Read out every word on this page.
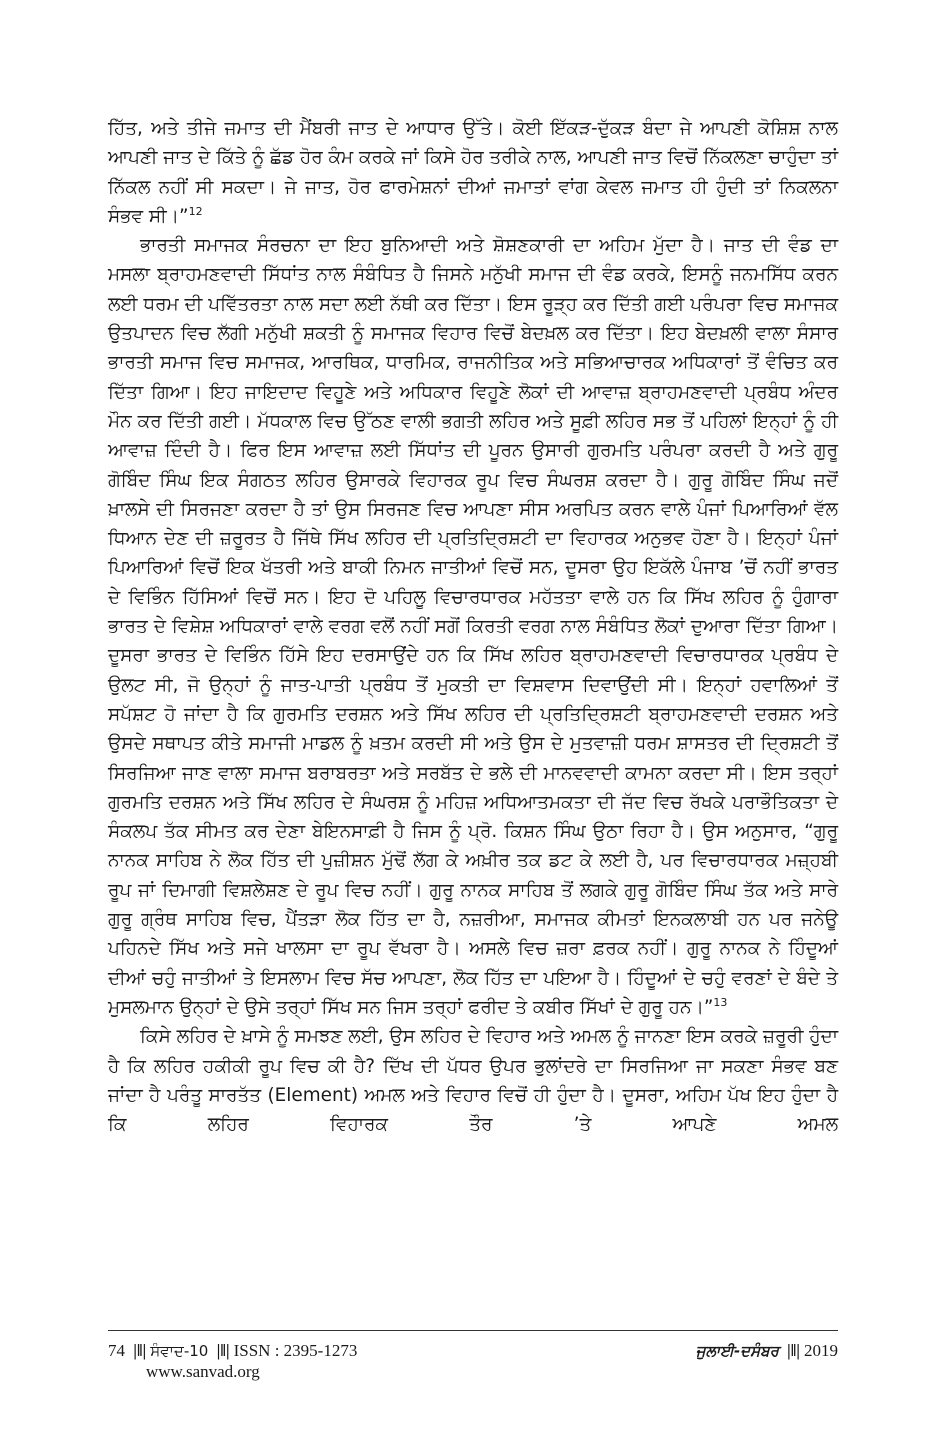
ਹਿੱਤ, ਅਤੇ ਤੀਜੇ ਜਮਾਤ ਦੀ ਮੈਂਬਰੀ ਜਾਤ ਦੇ ਆਧਾਰ ਉੱਤੇ। ਕੋਈ ਇੱਕੜ-ਦੁੱਕੜ ਬੰਦਾ ਜੇ ਆਪਣੀ ਕੋਸ਼ਿਸ਼ ਨਾਲ ਆਪਣੀ ਜਾਤ ਦੇ ਕਿੱਤੇ ਨੂੰ ਛੱਡ ਹੋਰ ਕੰਮ ਕਰਕੇ ਜਾਂ ਕਿਸੇ ਹੋਰ ਤਰੀਕੇ ਨਾਲ, ਆਪਣੀ ਜਾਤ ਵਿਚੋਂ ਨਿੱਕਲਣਾ ਚਾਹੁੰਦਾ ਤਾਂ ਨਿੱਕਲ ਨਹੀਂ ਸੀ ਸਕਦਾ। ਜੇ ਜਾਤ, ਹੋਰ ਫਾਰਮੇਸ਼ਨਾਂ ਦੀਆਂ ਜਮਾਤਾਂ ਵਾਂਗ ਕੇਵਲ ਜਮਾਤ ਹੀ ਹੁੰਦੀ ਤਾਂ ਨਿਕਲਨਾ ਸੰਭਵ ਸੀ।”$^{12}$

ਭਾਰਤੀ ਸਮਾਜਕ ਸੰਰਚਨਾ ਦਾ ਇਹ ਬੁਨਿਆਦੀ ਅਤੇ ਸ਼ੋਸ਼ਣਕਾਰੀ ਦਾ ਅਹਿਮ ਮੁੱਦਾ ਹੈ। ਜਾਤ ਦੀ ਵੰਡ ਦਾ ਮਸਲਾ ਬ੍ਰਾਹਮਣਵਾਦੀ ਸਿੱਧਾਂਤ ਨਾਲ ਸੰਬੰਧਿਤ ਹੈ ਜਿਸਨੇ ਮਨੁੱਖੀ ਸਮਾਜ ਦੀ ਵੰਡ ਕਰਕੇ, ਇਸਨੂੰ ਜਨਮਸਿੱਧ ਕਰਨ ਲਈ ਧਰਮ ਦੀ ਪਵਿੱਤਰਤਾ ਨਾਲ ਸਦਾ ਲਈ ਨੱਥੀ ਕਰ ਦਿੱਤਾ। ਇਸ ਰੂੜ੍ਹ ਕਰ ਦਿੱਤੀ ਗਈ ਪਰੰਪਰਾ ਵਿਚ ਸਮਾਜਕ ਉਤਪਾਦਨ ਵਿਚ ਲੱਗੀ ਮਨੁੱਖੀ ਸ਼ਕਤੀ ਨੂੰ ਸਮਾਜਕ ਵਿਹਾਰ ਵਿਚੋਂ ਬੇਦਖ਼ਲ ਕਰ ਦਿੱਤਾ। ਇਹ ਬੇਦਖ਼ਲੀ ਵਾਲਾ ਸੰਸਾਰ ਭਾਰਤੀ ਸਮਾਜ ਵਿਚ ਸਮਾਜਕ, ਆਰਥਿਕ, ਧਾਰਮਿਕ, ਰਾਜਨੀਤਿਕ ਅਤੇ ਸਭਿਆਚਾਰਕ ਅਧਿਕਾਰਾਂ ਤੋਂ ਵੰਚਿਤ ਕਰ ਦਿੱਤਾ ਗਿਆ। ਇਹ ਜਾਇਦਾਦ ਵਿਹੂਣੇ ਅਤੇ ਅਧਿਕਾਰ ਵਿਹੂਣੇ ਲੋਕਾਂ ਦੀ ਆਵਾਜ਼ ਬ੍ਰਾਹਮਣਵਾਦੀ ਪ੍ਰਬੰਧ ਅੰਦਰ ਮੌਨ ਕਰ ਦਿੱਤੀ ਗਈ। ਮੱਧਕਾਲ ਵਿਚ ਉੱਠਣ ਵਾਲੀ ਭਗਤੀ ਲਹਿਰ ਅਤੇ ਸੂਫ਼ੀ ਲਹਿਰ ਸਭ ਤੋਂ ਪਹਿਲਾਂ ਇਨ੍ਹਾਂ ਨੂੰ ਹੀ ਆਵਾਜ਼ ਦਿੰਦੀ ਹੈ। ਫਿਰ ਇਸ ਆਵਾਜ਼ ਲਈ ਸਿੱਧਾਂਤ ਦੀ ਪੂਰਨ ਉਸਾਰੀ ਗੁਰਮਤਿ ਪਰੰਪਰਾ ਕਰਦੀ ਹੈ ਅਤੇ ਗੁਰੂ ਗੋਬਿੰਦ ਸਿੰਘ ਇਕ ਸੰਗਠਤ ਲਹਿਰ ਉਸਾਰਕੇ ਵਿਹਾਰਕ ਰੂਪ ਵਿਚ ਸੰਘਰਸ਼ ਕਰਦਾ ਹੈ। ਗੁਰੂ ਗੋਬਿੰਦ ਸਿੰਘ ਜਦੋਂ ਖ਼ਾਲਸੇ ਦੀ ਸਿਰਜਣਾ ਕਰਦਾ ਹੈ ਤਾਂ ਉਸ ਸਿਰਜਣ ਵਿਚ ਆਪਣਾ ਸੀਸ ਅਰਪਿਤ ਕਰਨ ਵਾਲੇ ਪੰਜਾਂ ਪਿਆਰਿਆਂ ਵੱਲ ਧਿਆਨ ਦੇਣ ਦੀ ਜ਼ਰੂਰਤ ਹੈ ਜਿੱਥੇ ਸਿੱਖ ਲਹਿਰ ਦੀ ਪ੍ਰਤਿਦ੍ਰਿਸ਼ਟੀ ਦਾ ਵਿਹਾਰਕ ਅਨੁਭਵ ਹੋਣਾ ਹੈ। ਇਨ੍ਹਾਂ ਪੰਜਾਂ ਪਿਆਰਿਆਂ ਵਿਚੋਂ ਇਕ ਖੱਤਰੀ ਅਤੇ ਬਾਕੀ ਨਿਮਨ ਜਾਤੀਆਂ ਵਿਚੋਂ ਸਨ, ਦੂਸਰਾ ਉਹ ਇਕੱਲੇ ਪੰਜਾਬ ’ਚੋਂ ਨਹੀਂ ਭਾਰਤ ਦੇ ਵਿਭਿੰਨ ਹਿੱਸਿਆਂ ਵਿਚੋਂ ਸਨ। ਇਹ ਦੋ ਪਹਿਲੂ ਵਿਚਾਰਧਾਰਕ ਮਹੱਤਤਾ ਵਾਲੇ ਹਨ ਕਿ ਸਿੱਖ ਲਹਿਰ ਨੂੰ ਹੁੰਗਾਰਾ ਭਾਰਤ ਦੇ ਵਿਸ਼ੇਸ਼ ਅਧਿਕਾਰਾਂ ਵਾਲੇ ਵਰਗ ਵਲੋਂ ਨਹੀਂ ਸਗੋਂ ਕਿਰਤੀ ਵਰਗ ਨਾਲ ਸੰਬੰਧਿਤ ਲੋਕਾਂ ਦੁਆਰਾ ਦਿੱਤਾ ਗਿਆ। ਦੂਸਰਾ ਭਾਰਤ ਦੇ ਵਿਭਿੰਨ ਹਿੱਸੇ ਇਹ ਦਰਸਾਉਂਦੇ ਹਨ ਕਿ ਸਿੱਖ ਲਹਿਰ ਬ੍ਰਾਹਮਣਵਾਦੀ ਵਿਚਾਰਧਾਰਕ ਪ੍ਰਬੰਧ ਦੇ ਉਲਟ ਸੀ, ਜੋ ਉਨ੍ਹਾਂ ਨੂੰ ਜਾਤ-ਪਾਤੀ ਪ੍ਰਬੰਧ ਤੋਂ ਮੁਕਤੀ ਦਾ ਵਿਸ਼ਵਾਸ ਦਿਵਾਉਂਦੀ ਸੀ। ਇਨ੍ਹਾਂ ਹਵਾਲਿਆਂ ਤੋਂ ਸਪੱਸ਼ਟ ਹੋ ਜਾਂਦਾ ਹੈ ਕਿ ਗੁਰਮਤਿ ਦਰਸ਼ਨ ਅਤੇ ਸਿੱਖ ਲਹਿਰ ਦੀ ਪ੍ਰਤਿਦ੍ਰਿਸ਼ਟੀ ਬ੍ਰਾਹਮਣਵਾਦੀ ਦਰਸ਼ਨ ਅਤੇ ਉਸਦੇ ਸਥਾਪਤ ਕੀਤੇ ਸਮਾਜੀ ਮਾਡਲ ਨੂੰ ਖ਼ਤਮ ਕਰਦੀ ਸੀ ਅਤੇ ਉਸ ਦੇ ਮੁਤਵਾਜ਼ੀ ਧਰਮ ਸ਼ਾਸਤਰ ਦੀ ਦ੍ਰਿਸ਼ਟੀ ਤੋਂ ਸਿਰਜਿਆ ਜਾਣ ਵਾਲਾ ਸਮਾਜ ਬਰਾਬਰਤਾ ਅਤੇ ਸਰਬੱਤ ਦੇ ਭਲੇ ਦੀ ਮਾਨਵਵਾਦੀ ਕਾਮਨਾ ਕਰਦਾ ਸੀ। ਇਸ ਤਰ੍ਹਾਂ ਗੁਰਮਤਿ ਦਰਸ਼ਨ ਅਤੇ ਸਿੱਖ ਲਹਿਰ ਦੇ ਸੰਘਰਸ਼ ਨੂੰ ਮਹਿਜ਼ ਅਧਿਆਤਮਕਤਾ ਦੀ ਜੱਦ ਵਿਚ ਰੱਖਕੇ ਪਰਾਭੌਤਿਕਤਾ ਦੇ ਸੰਕਲਪ ਤੱਕ ਸੀਮਤ ਕਰ ਦੇਣਾ ਬੇਇਨਸਾਫ਼ੀ ਹੈ ਜਿਸ ਨੂੰ ਪ੍ਰੋ. ਕਿਸ਼ਨ ਸਿੰਘ ਉਠਾ ਰਿਹਾ ਹੈ। ਉਸ ਅਨੁਸਾਰ, “ਗੁਰੂ ਨਾਨਕ ਸਾਹਿਬ ਨੇ ਲੋਕ ਹਿੱਤ ਦੀ ਪੁਜ਼ੀਸ਼ਨ ਮੁੱਢੋਂ ਲੱਗ ਕੇ ਅਖ਼ੀਰ ਤਕ ਡਟ ਕੇ ਲਈ ਹੈ, ਪਰ ਵਿਚਾਰਧਾਰਕ ਮਜ਼੍ਹਬੀ ਰੂਪ ਜਾਂ ਦਿਮਾਗੀ ਵਿਸ਼ਲੇਸ਼ਣ ਦੇ ਰੂਪ ਵਿਚ ਨਹੀਂ। ਗੁਰੂ ਨਾਨਕ ਸਾਹਿਬ ਤੋਂ ਲਗਕੇ ਗੁਰੂ ਗੋਬਿੰਦ ਸਿੰਘ ਤੱਕ ਅਤੇ ਸਾਰੇ ਗੁਰੂ ਗ੍ਰੰਥ ਸਾਹਿਬ ਵਿਚ, ਪੈਂਤੜਾ ਲੋਕ ਹਿੱਤ ਦਾ ਹੈ, ਨਜ਼ਰੀਆ, ਸਮਾਜਕ ਕੀਮਤਾਂ ਇਨਕਲਾਬੀ ਹਨ ਪਰ ਜਨੇਊ ਪਹਿਨਦੇ ਸਿੱਖ ਅਤੇ ਸਜੇ ਖਾਲਸਾ ਦਾ ਰੂਪ ਵੱਖਰਾ ਹੈ। ਅਸਲੇ ਵਿਚ ਜ਼ਰਾ ਫ਼ਰਕ ਨਹੀਂ। ਗੁਰੂ ਨਾਨਕ ਨੇ ਹਿੰਦੂਆਂ ਦੀਆਂ ਚਹੁੰ ਜਾਤੀਆਂ ਤੇ ਇਸਲਾਮ ਵਿਚ ਸੱਚ ਆਪਣਾ, ਲੋਕ ਹਿੱਤ ਦਾ ਪਇਆ ਹੈ। ਹਿੰਦੂਆਂ ਦੇ ਚਹੁੰ ਵਰਣਾਂ ਦੇ ਬੰਦੇ ਤੇ ਮੁਸਲਮਾਨ ਉਨ੍ਹਾਂ ਦੇ ਉਸੇ ਤਰ੍ਹਾਂ ਸਿੱਖ ਸਨ ਜਿਸ ਤਰ੍ਹਾਂ ਫਰੀਦ ਤੇ ਕਬੀਰ ਸਿੱਖਾਂ ਦੇ ਗੁਰੂ ਹਨ।”$^{13}$

ਕਿਸੇ ਲਹਿਰ ਦੇ ਖ਼ਾਸੇ ਨੂੰ ਸਮਝਣ ਲਈ, ਉਸ ਲਹਿਰ ਦੇ ਵਿਹਾਰ ਅਤੇ ਅਮਲ ਨੂੰ ਜਾਨਣਾ ਇਸ ਕਰਕੇ ਜ਼ਰੂਰੀ ਹੁੰਦਾ ਹੈ ਕਿ ਲਹਿਰ ਹਕੀਕੀ ਰੂਪ ਵਿਚ ਕੀ ਹੈ? ਦਿੱਖ ਦੀ ਪੱਧਰ ਉਪਰ ਭੁਲਾਂਦਰੇ ਦਾ ਸਿਰਜਿਆ ਜਾ ਸਕਣਾ ਸੰਭਵ ਬਣ ਜਾਂਦਾ ਹੈ ਪਰੰਤੂ ਸਾਰਤੱਤ (Element) ਅਮਲ ਅਤੇ ਵਿਹਾਰ ਵਿਚੋਂ ਹੀ ਹੁੰਦਾ ਹੈ। ਦੂਸਰਾ, ਅਹਿਮ ਪੱਖ ਇਹ ਹੁੰਦਾ ਹੈ ਕਿ ਲਹਿਰ ਵਿਹਾਰਕ ਤੌਰ ’ਤੇ ਆਪਣੇ ਅਮਲ

74 |‖| ਸੰਵਾਦ-10 |‖| ISSN : 2395-1273	ਜੁਲਾਈ-ਦਸੰਬਰ |‖| 2019
www.sanvad.org
